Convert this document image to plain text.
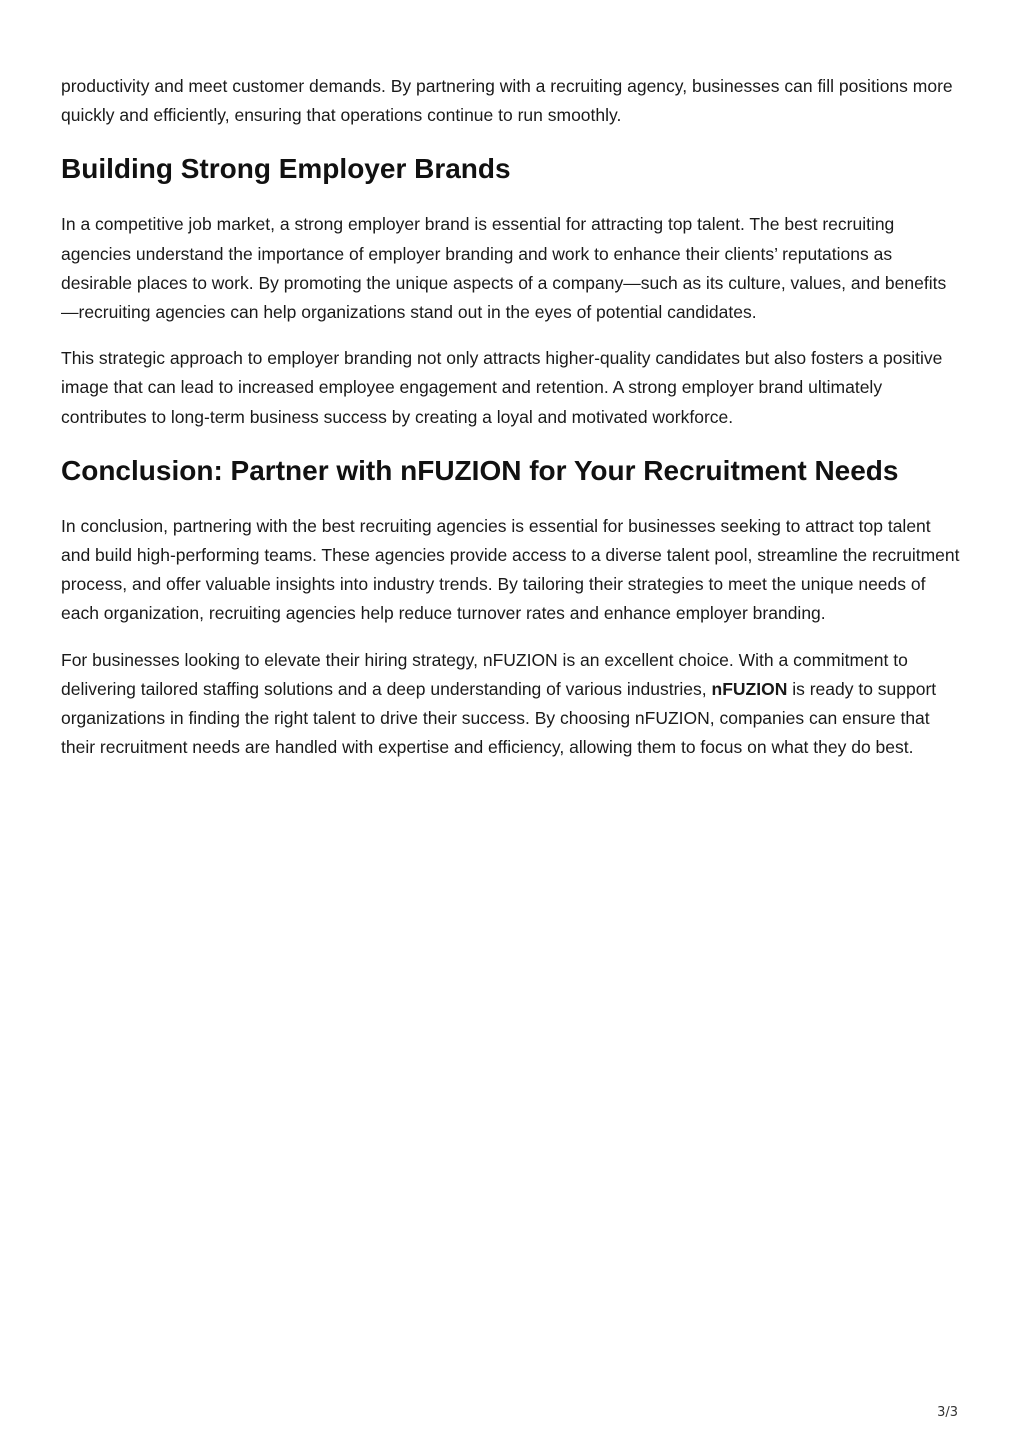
productivity and meet customer demands. By partnering with a recruiting agency, businesses can fill positions more quickly and efficiently, ensuring that operations continue to run smoothly.

Building Strong Employer Brands

In a competitive job market, a strong employer brand is essential for attracting top talent. The best recruiting agencies understand the importance of employer branding and work to enhance their clients’ reputations as desirable places to work. By promoting the unique aspects of a company—such as its culture, values, and benefits—recruiting agencies can help organizations stand out in the eyes of potential candidates.

This strategic approach to employer branding not only attracts higher-quality candidates but also fosters a positive image that can lead to increased employee engagement and retention. A strong employer brand ultimately contributes to long-term business success by creating a loyal and motivated workforce.

Conclusion: Partner with nFUZION for Your Recruitment Needs

In conclusion, partnering with the best recruiting agencies is essential for businesses seeking to attract top talent and build high-performing teams. These agencies provide access to a diverse talent pool, streamline the recruitment process, and offer valuable insights into industry trends. By tailoring their strategies to meet the unique needs of each organization, recruiting agencies help reduce turnover rates and enhance employer branding.

For businesses looking to elevate their hiring strategy, nFUZION is an excellent choice. With a commitment to delivering tailored staffing solutions and a deep understanding of various industries, nFUZION is ready to support organizations in finding the right talent to drive their success. By choosing nFUZION, companies can ensure that their recruitment needs are handled with expertise and efficiency, allowing them to focus on what they do best.

3/3
